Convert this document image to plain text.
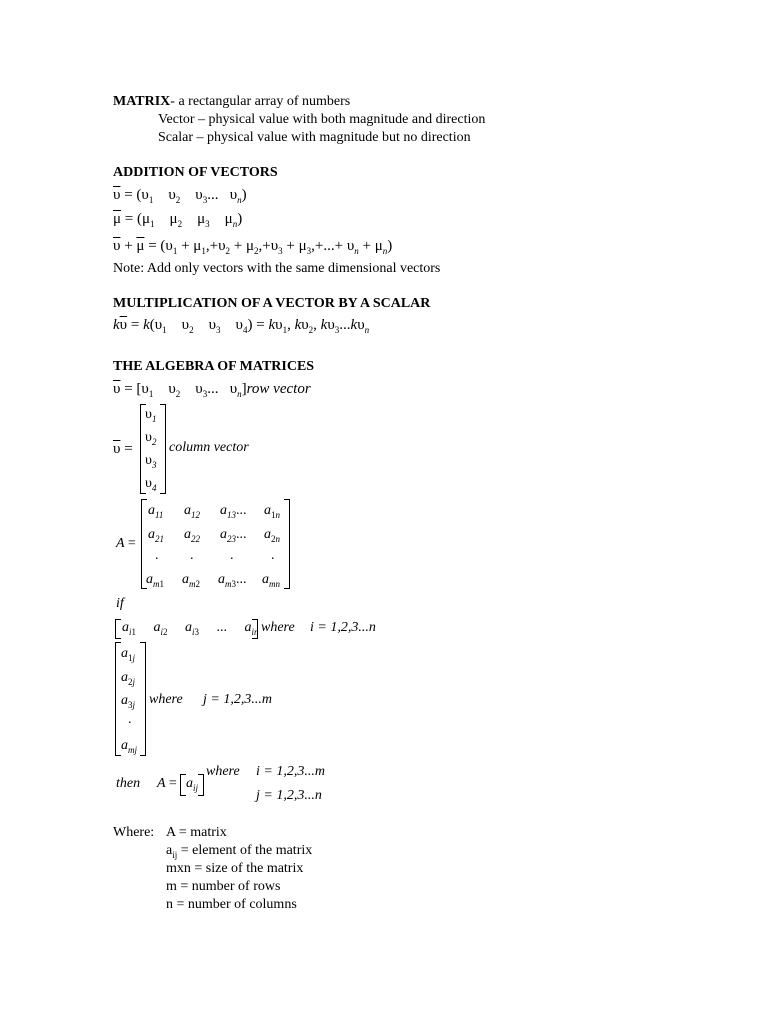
MATRIX- a rectangular array of numbers
Vector – physical value with both magnitude and direction
Scalar – physical value with magnitude but no direction
ADDITION OF VECTORS
$\overline{\upsilon} = (\upsilon_1$    $\upsilon_2$    $\upsilon_3$...   $\upsilon_n$)
$\overline{\mu} = (\mu_1$    $\mu_2$    $\mu_3$    $\mu_n$)
$\overline{\upsilon} + \overline{\mu} = (\upsilon_1 + \mu_1,+\upsilon_2 + \mu_2,+\upsilon_3 + \mu_3,+...+ \upsilon_n + \mu_n)$
Note: Add only vectors with the same dimensional vectors
MULTIPLICATION OF A VECTOR BY A SCALAR
$k\overline{\upsilon} = k(\upsilon_1$    $\upsilon_2$    $\upsilon_3$    $\upsilon_4) = k\upsilon_1$, $k\upsilon_2$, $k\upsilon_3...k\upsilon_n$
THE ALGEBRA OF MATRICES
$\overline{\upsilon} = [\upsilon_1$    $\upsilon_2$    $\upsilon_3$...   $\upsilon_n]row$ vector
$\overline{\upsilon}$ =
$\upsilon_1$
$\upsilon_2$
$\upsilon_3$
$\upsilon_4$
column vector
A =
$a_{11}$ $a_{12}$ $a_{13}$... $a_{1n}$
$a_{21}$ $a_{22}$ $a_{23}$... $a_{2n}$
. .	.	.
$a_{m1}$ $a_{m2}$ $a_{m3}$... $a_{mn}$
if
$a_{i1}$     $a_{i2}$     $a_{i3}$ ...     $a_{in}$ where i = 1,2,3...n
$a_{1j}$
$a_{2j}$
$a_{3j}$
.
$a_{mj}$
where j = 1,2,3...m
then $A = a_{ij}$
where i = 1,2,3...m
j = 1,2,3...n
Where: A = matrix
$a_{ij}$ = element of the matrix
mxn = size of the matrix
m = number of rows
n = number of columns
